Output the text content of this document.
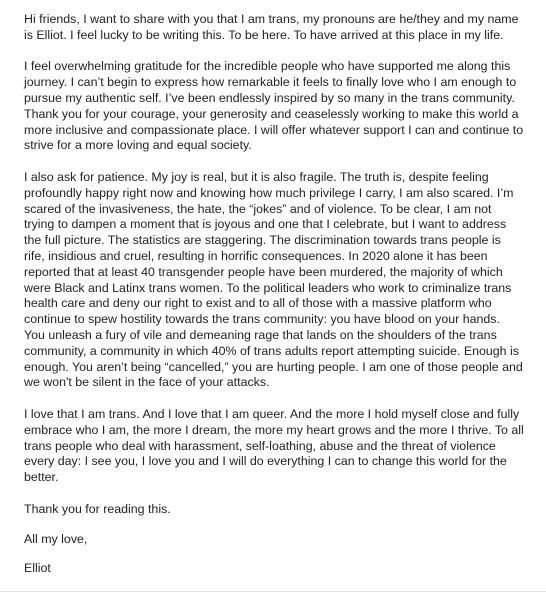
Hi friends, I want to share with you that I am trans, my pronouns are he/they and my name is Elliot. I feel lucky to be writing this. To be here. To have arrived at this place in my life.

I feel overwhelming gratitude for the incredible people who have supported me along this journey. I can’t begin to express how remarkable it feels to finally love who I am enough to pursue my authentic self. I’ve been endlessly inspired by so many in the trans community. Thank you for your courage, your generosity and ceaselessly working to make this world a more inclusive and compassionate place. I will offer whatever support I can and continue to strive for a more loving and equal society.

I also ask for patience. My joy is real, but it is also fragile. The truth is, despite feeling profoundly happy right now and knowing how much privilege I carry, I am also scared. I’m scared of the invasiveness, the hate, the “jokes” and of violence. To be clear, I am not trying to dampen a moment that is joyous and one that I celebrate, but I want to address the full picture. The statistics are staggering. The discrimination towards trans people is rife, insidious and cruel, resulting in horrific consequences. In 2020 alone it has been reported that at least 40 transgender people have been murdered, the majority of which were Black and Latinx trans women. To the political leaders who work to criminalize trans health care and deny our right to exist and to all of those with a massive platform who continue to spew hostility towards the trans community: you have blood on your hands. You unleash a fury of vile and demeaning rage that lands on the shoulders of the trans community, a community in which 40% of trans adults report attempting suicide. Enough is enough. You aren’t being “cancelled,” you are hurting people. I am one of those people and we won't be silent in the face of your attacks.

I love that I am trans. And I love that I am queer. And the more I hold myself close and fully embrace who I am, the more I dream, the more my heart grows and the more I thrive. To all trans people who deal with harassment, self-loathing, abuse and the threat of violence every day: I see you, I love you and I will do everything I can to change this world for the better.

Thank you for reading this.

All my love,

Elliot
